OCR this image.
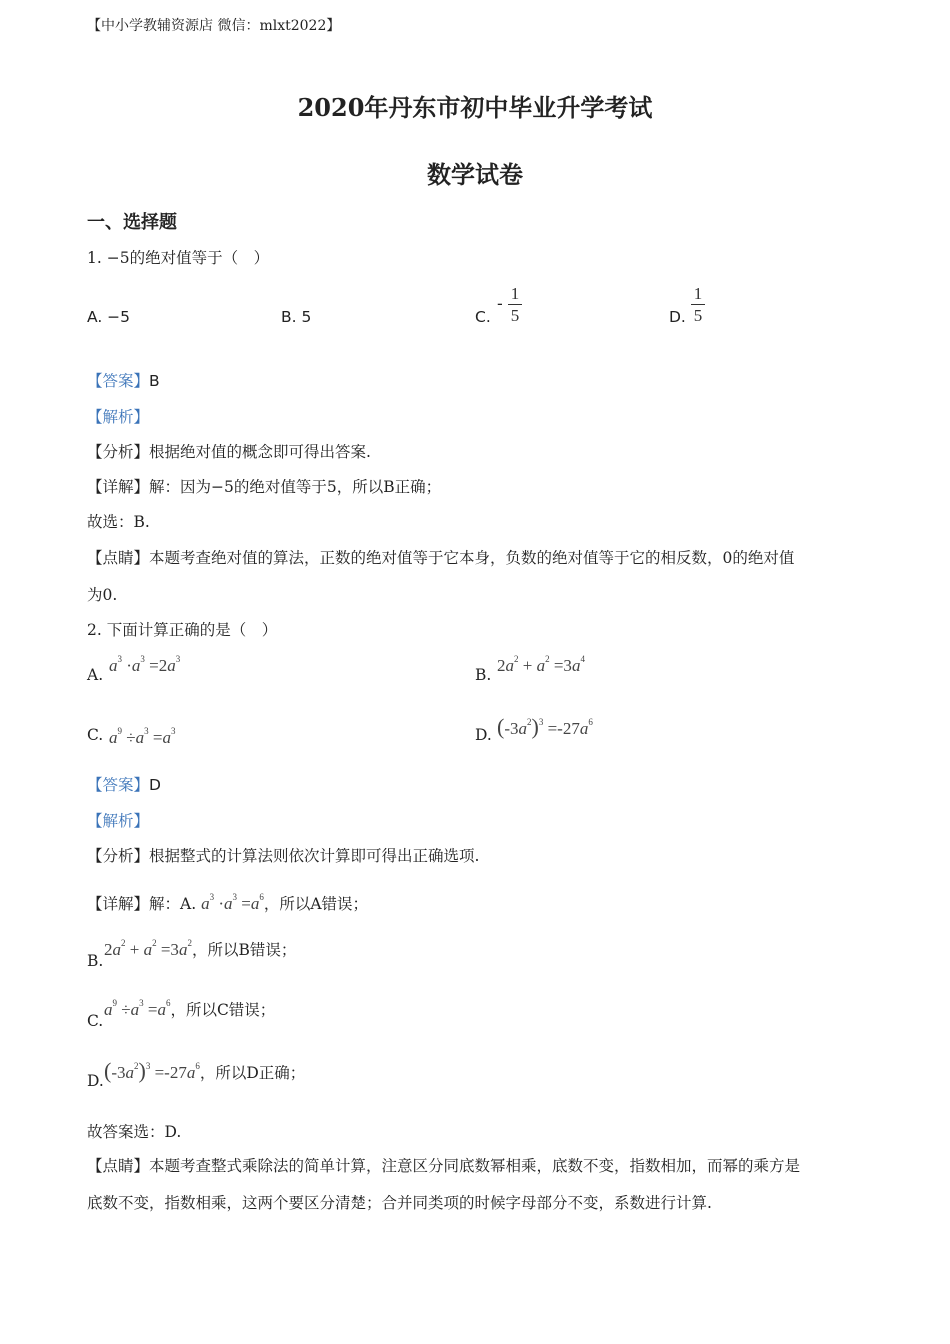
【中小学教辅资源店 微信：mlxt2022】
2020年丹东市初中毕业升学考试
数学试卷
一、选择题
1. −5的绝对值等于（　）
A. −5	B. 5	C.
-
1
5	D.
1
5
【答案】B
【解析】
【分析】根据绝对值的概念即可得出答案.
【详解】解：因为−5的绝对值等于5，所以B正确；
故选：B.
【点睛】本题考查绝对值的算法，正数的绝对值等于它本身，负数的绝对值等于它的相反数，0的绝对值
为0.
2. 下面计算正确的是（　）
A. $a^3 \cdot a^3 =2a^3$
B. $2a^2 + a^2 =3a^4$
C. $a^9 \div a^3 =a^3$	D. $(-3a^2)^3 =-27a^6$
【答案】D
【解析】
【分析】根据整式的计算法则依次计算即可得出正确选项.
【详解】解：A. $a^3 \cdot a^3 =a^6$，所以A错误；
B.
$2a^2 + a^2 =3a^2$，所以B错误；
C.
$a^9 \div a^3 =a^6$，所以C错误；
D. $(-3a^2)^3 =-27a^6$，所以D正确；
故答案选：D.
【点睛】本题考查整式乘除法的简单计算，注意区分同底数幂相乘，底数不变，指数相加，而幂的乘方是
底数不变，指数相乘，这两个要区分清楚；合并同类项的时候字母部分不变，系数进行计算.
